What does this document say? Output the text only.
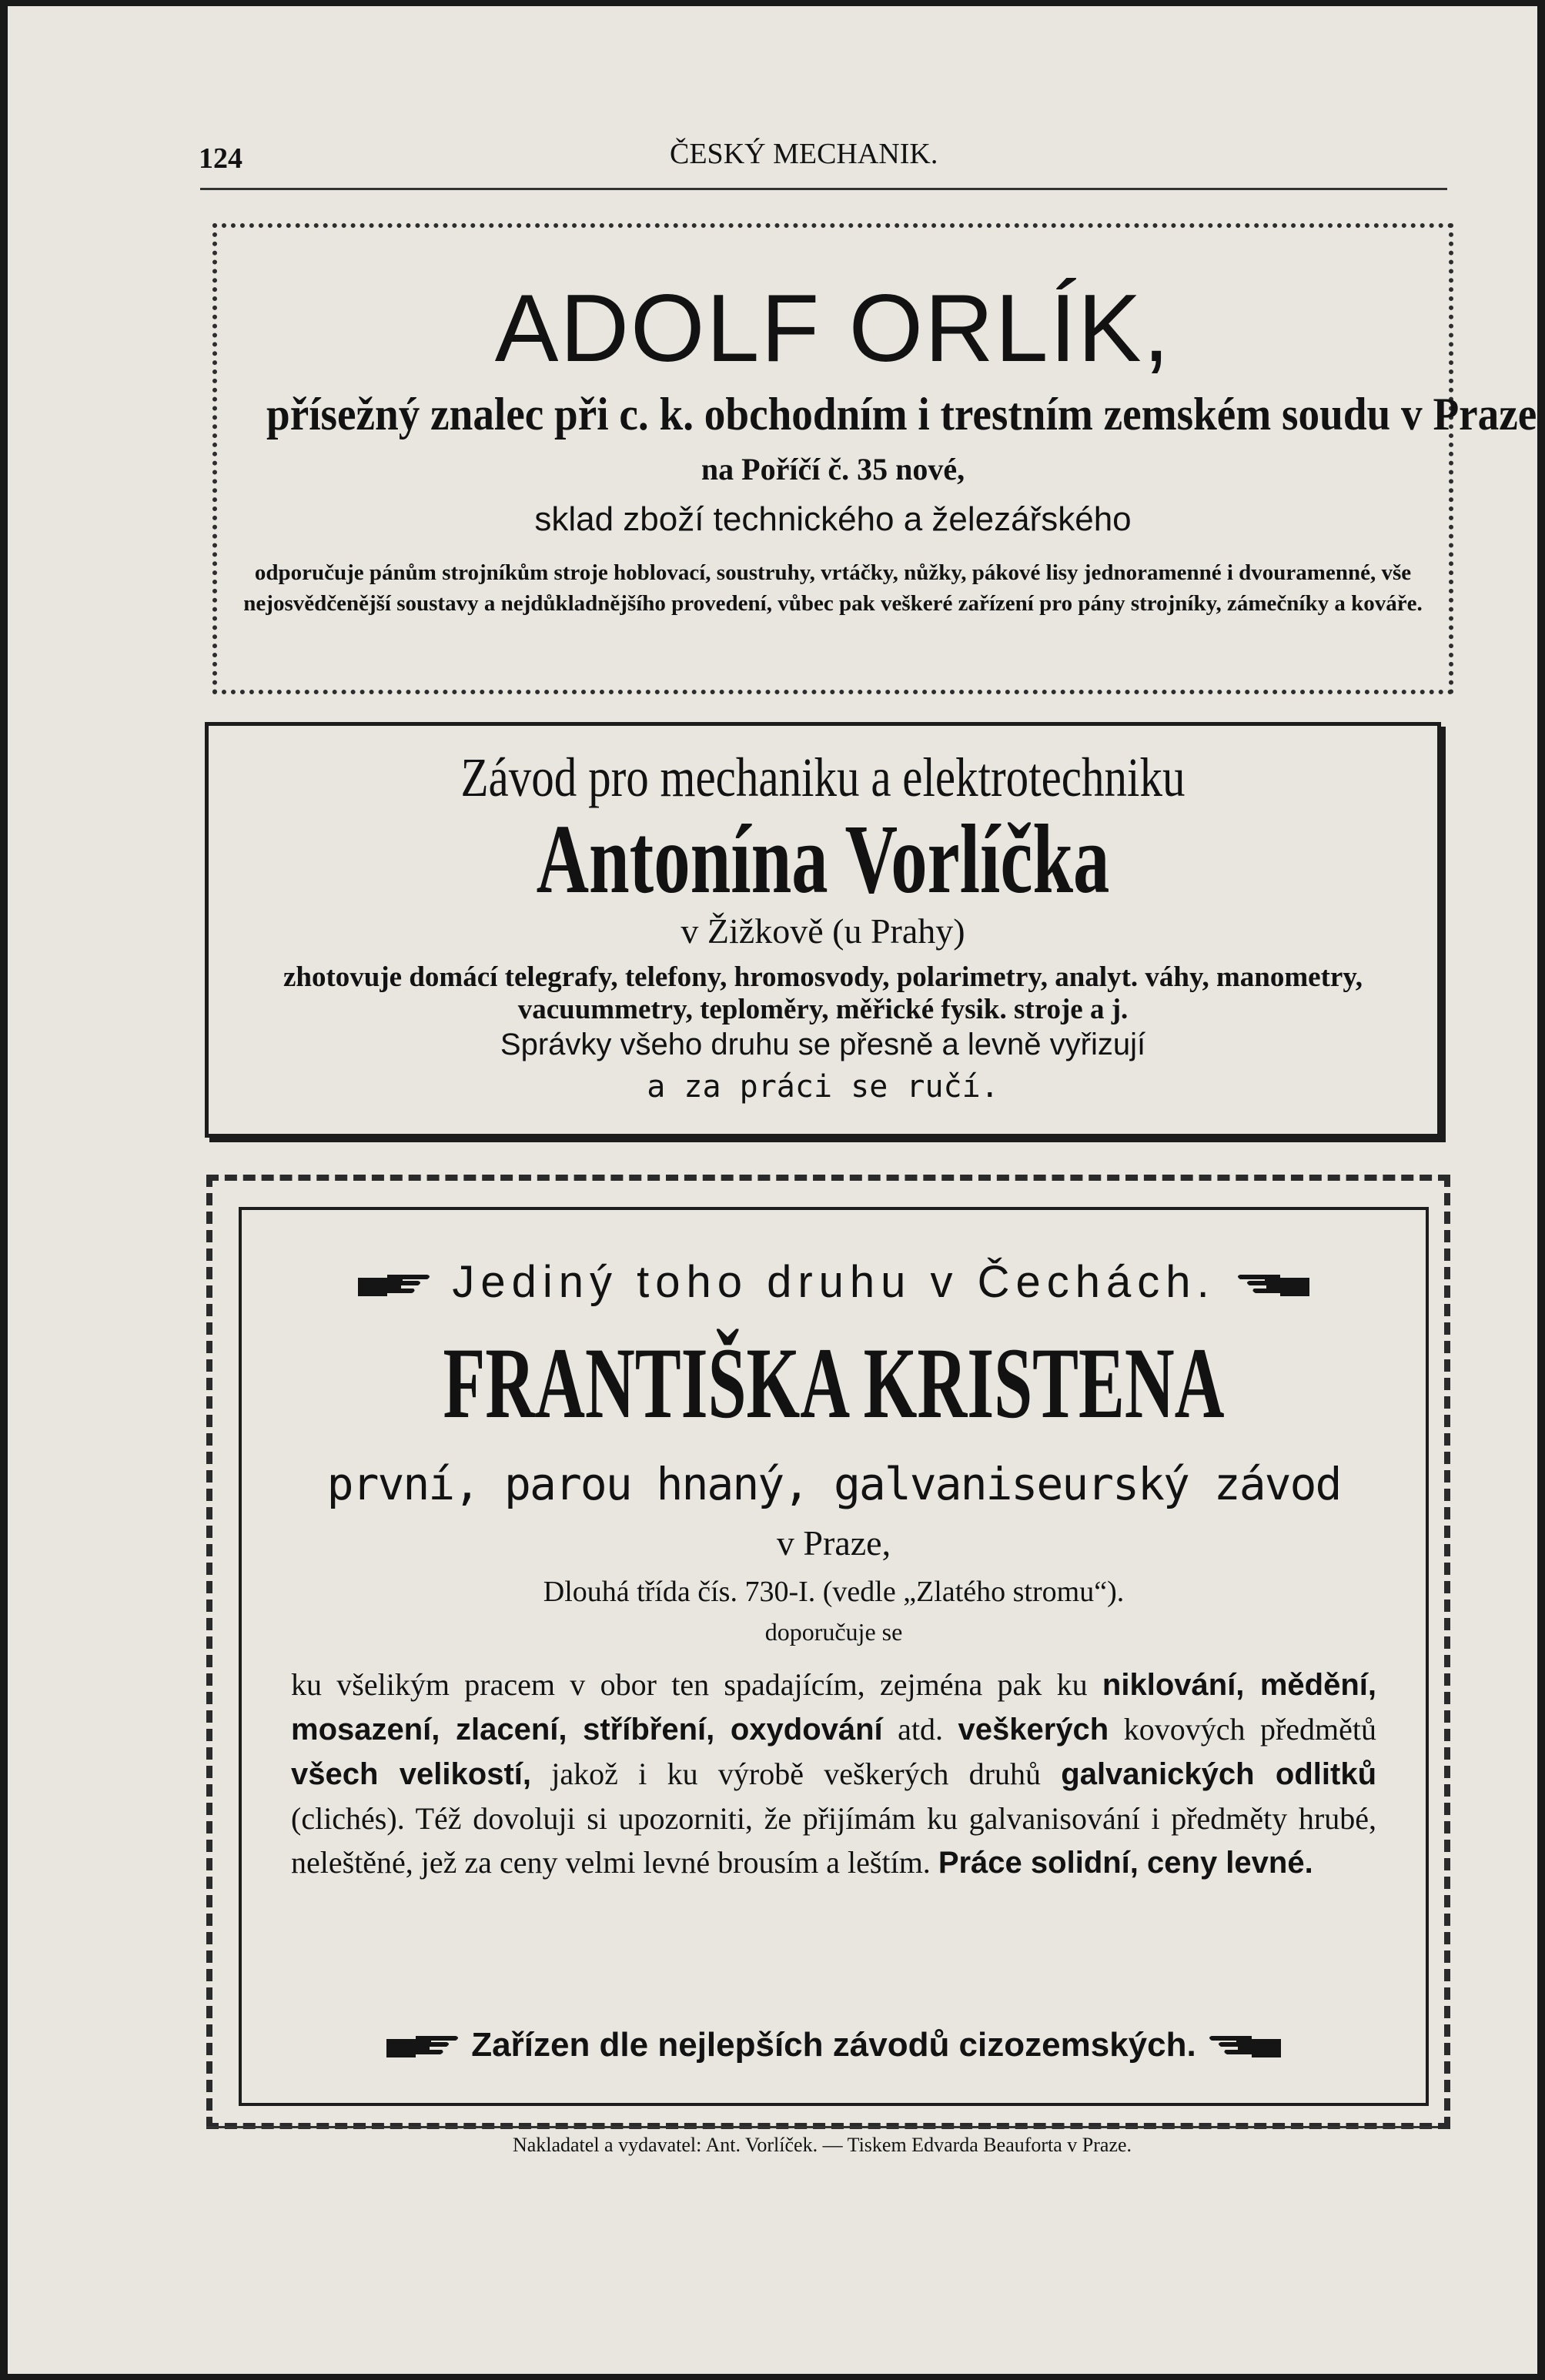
124	ČESKÝ MECHANIK.
ADOLF ORLÍK,
přísežný znalec při c. k. obchodním i trestním zemském soudu v Praze
na Poříčí č. 35 nové,
sklad zboží technického a železářského
odporučuje pánům strojníkům stroje hoblovací, soustruhy, vrtáčky, nůžky, pákové lisy jednoramenné i dvouramenné, vše nejosvědčenější soustavy a nejdůkladnějšího provedení, vůbec pak veškeré zařízení pro pány strojníky, zámečníky a kováře.
Závod pro mechaniku a elektrotechniku
Antonína Vorlíčka
v Žižkově (u Prahy)
zhotovuje domácí telegrafy, telefony, hromosvody, polarimetry, analyt. váhy, manometry, vacuummetry, teploměry, měřické fysik. stroje a j.
Správky všeho druhu se přesně a levně vyřizují
a za práci se ručí.
Jediný toho druhu v Čechách.
FRANTIŠKA KRISTENA
první, parou hnaný, galvaniseurský závod
v Praze,
Dlouhá třída čís. 730-I. (vedle „Zlatého stromu“).
doporučuje se
ku všelikým pracem v obor ten spadajícím, zejména pak ku niklování, mědění, mosazení, zlacení, stříbření, oxydování atd. veškerých kovových předmětů všech velikostí, jakož i ku výrobě veškerých druhů galvanických odlitků (clichés). Též dovoluji si upozorniti, že přijímám ku galvanisování i předměty hrubé, neleštěné, jež za ceny velmi levné brousím a leštím. Práce solidní, ceny levné.
Zařízen dle nejlepších závodů cizozemských.
Nakladatel a vydavatel: Ant. Vorlíček. — Tiskem Edvarda Beauforta v Praze.
